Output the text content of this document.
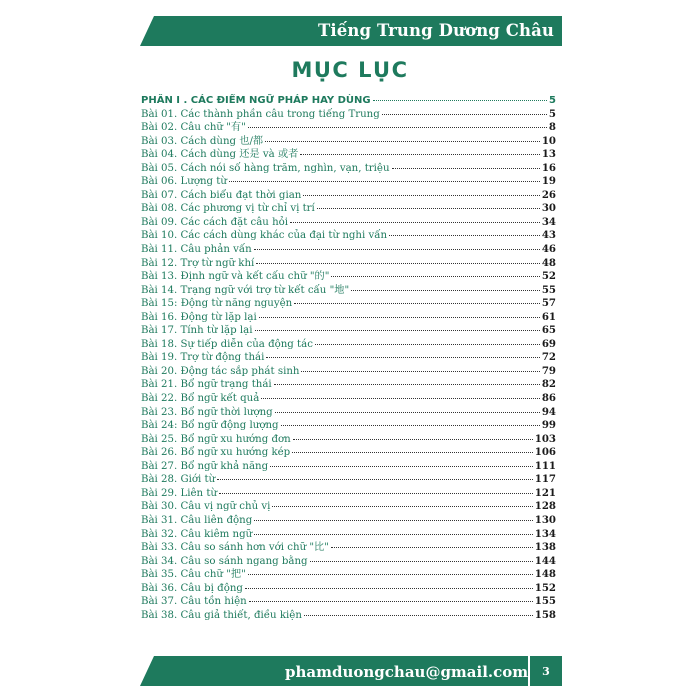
Tiếng Trung Dương Châu
MỤC LỤC
PHẦN I . CÁC ĐIỂM NGỮ PHÁP HAY DÙNG	5
Bài 01. Các thành phần câu trong tiếng Trung	5
Bài 02. Câu chữ "有"	8
Bài 03. Cách dùng 也/都	10
Bài 04. Cách dùng 还是 và 或者	13
Bài 05. Cách nói số hàng trăm, nghìn, vạn, triệu	16
Bài 06. Lượng từ	19
Bài 07. Cách biểu đạt thời gian	26
Bài 08. Các phương vị từ chỉ vị trí	30
Bài 09. Các cách đặt câu hỏi	34
Bài 10. Các cách dùng khác của đại từ nghi vấn	43
Bài 11. Câu phản vấn	46
Bài 12. Trợ từ ngữ khí	48
Bài 13. Định ngữ và kết cấu chữ "的"	52
Bài 14. Trạng ngữ với trợ từ kết cấu "地"	55
Bài 15: Động từ năng nguyện	57
Bài 16. Động từ lặp lại	61
Bài 17. Tính từ lặp lại	65
Bài 18. Sự tiếp diễn của động tác	69
Bài 19. Trợ từ động thái	72
Bài 20. Động tác sắp phát sinh	79
Bài 21. Bổ ngữ trạng thái	82
Bài 22. Bổ ngữ kết quả	86
Bài 23. Bổ ngữ thời lượng	94
Bài 24: Bổ ngữ động lượng	99
Bài 25. Bổ ngữ xu hướng đơn	103
Bài 26. Bổ ngữ xu hướng kép	106
Bài 27. Bổ ngữ khả năng	111
Bài 28. Giới từ	117
Bài 29. Liên từ	121
Bài 30. Câu vị ngữ chủ vị	128
Bài 31. Câu liên động	130
Bài 32. Câu kiêm ngữ	134
Bài 33. Câu so sánh hơn với chữ "比"	138
Bài 34. Câu so sánh ngang bằng	144
Bài 35. Câu chữ "把"	148
Bài 36. Câu bị động	152
Bài 37. Câu tồn hiện	155
Bài 38. Câu giả thiết, điều kiện	158
phamduongchau@gmail.com	3
